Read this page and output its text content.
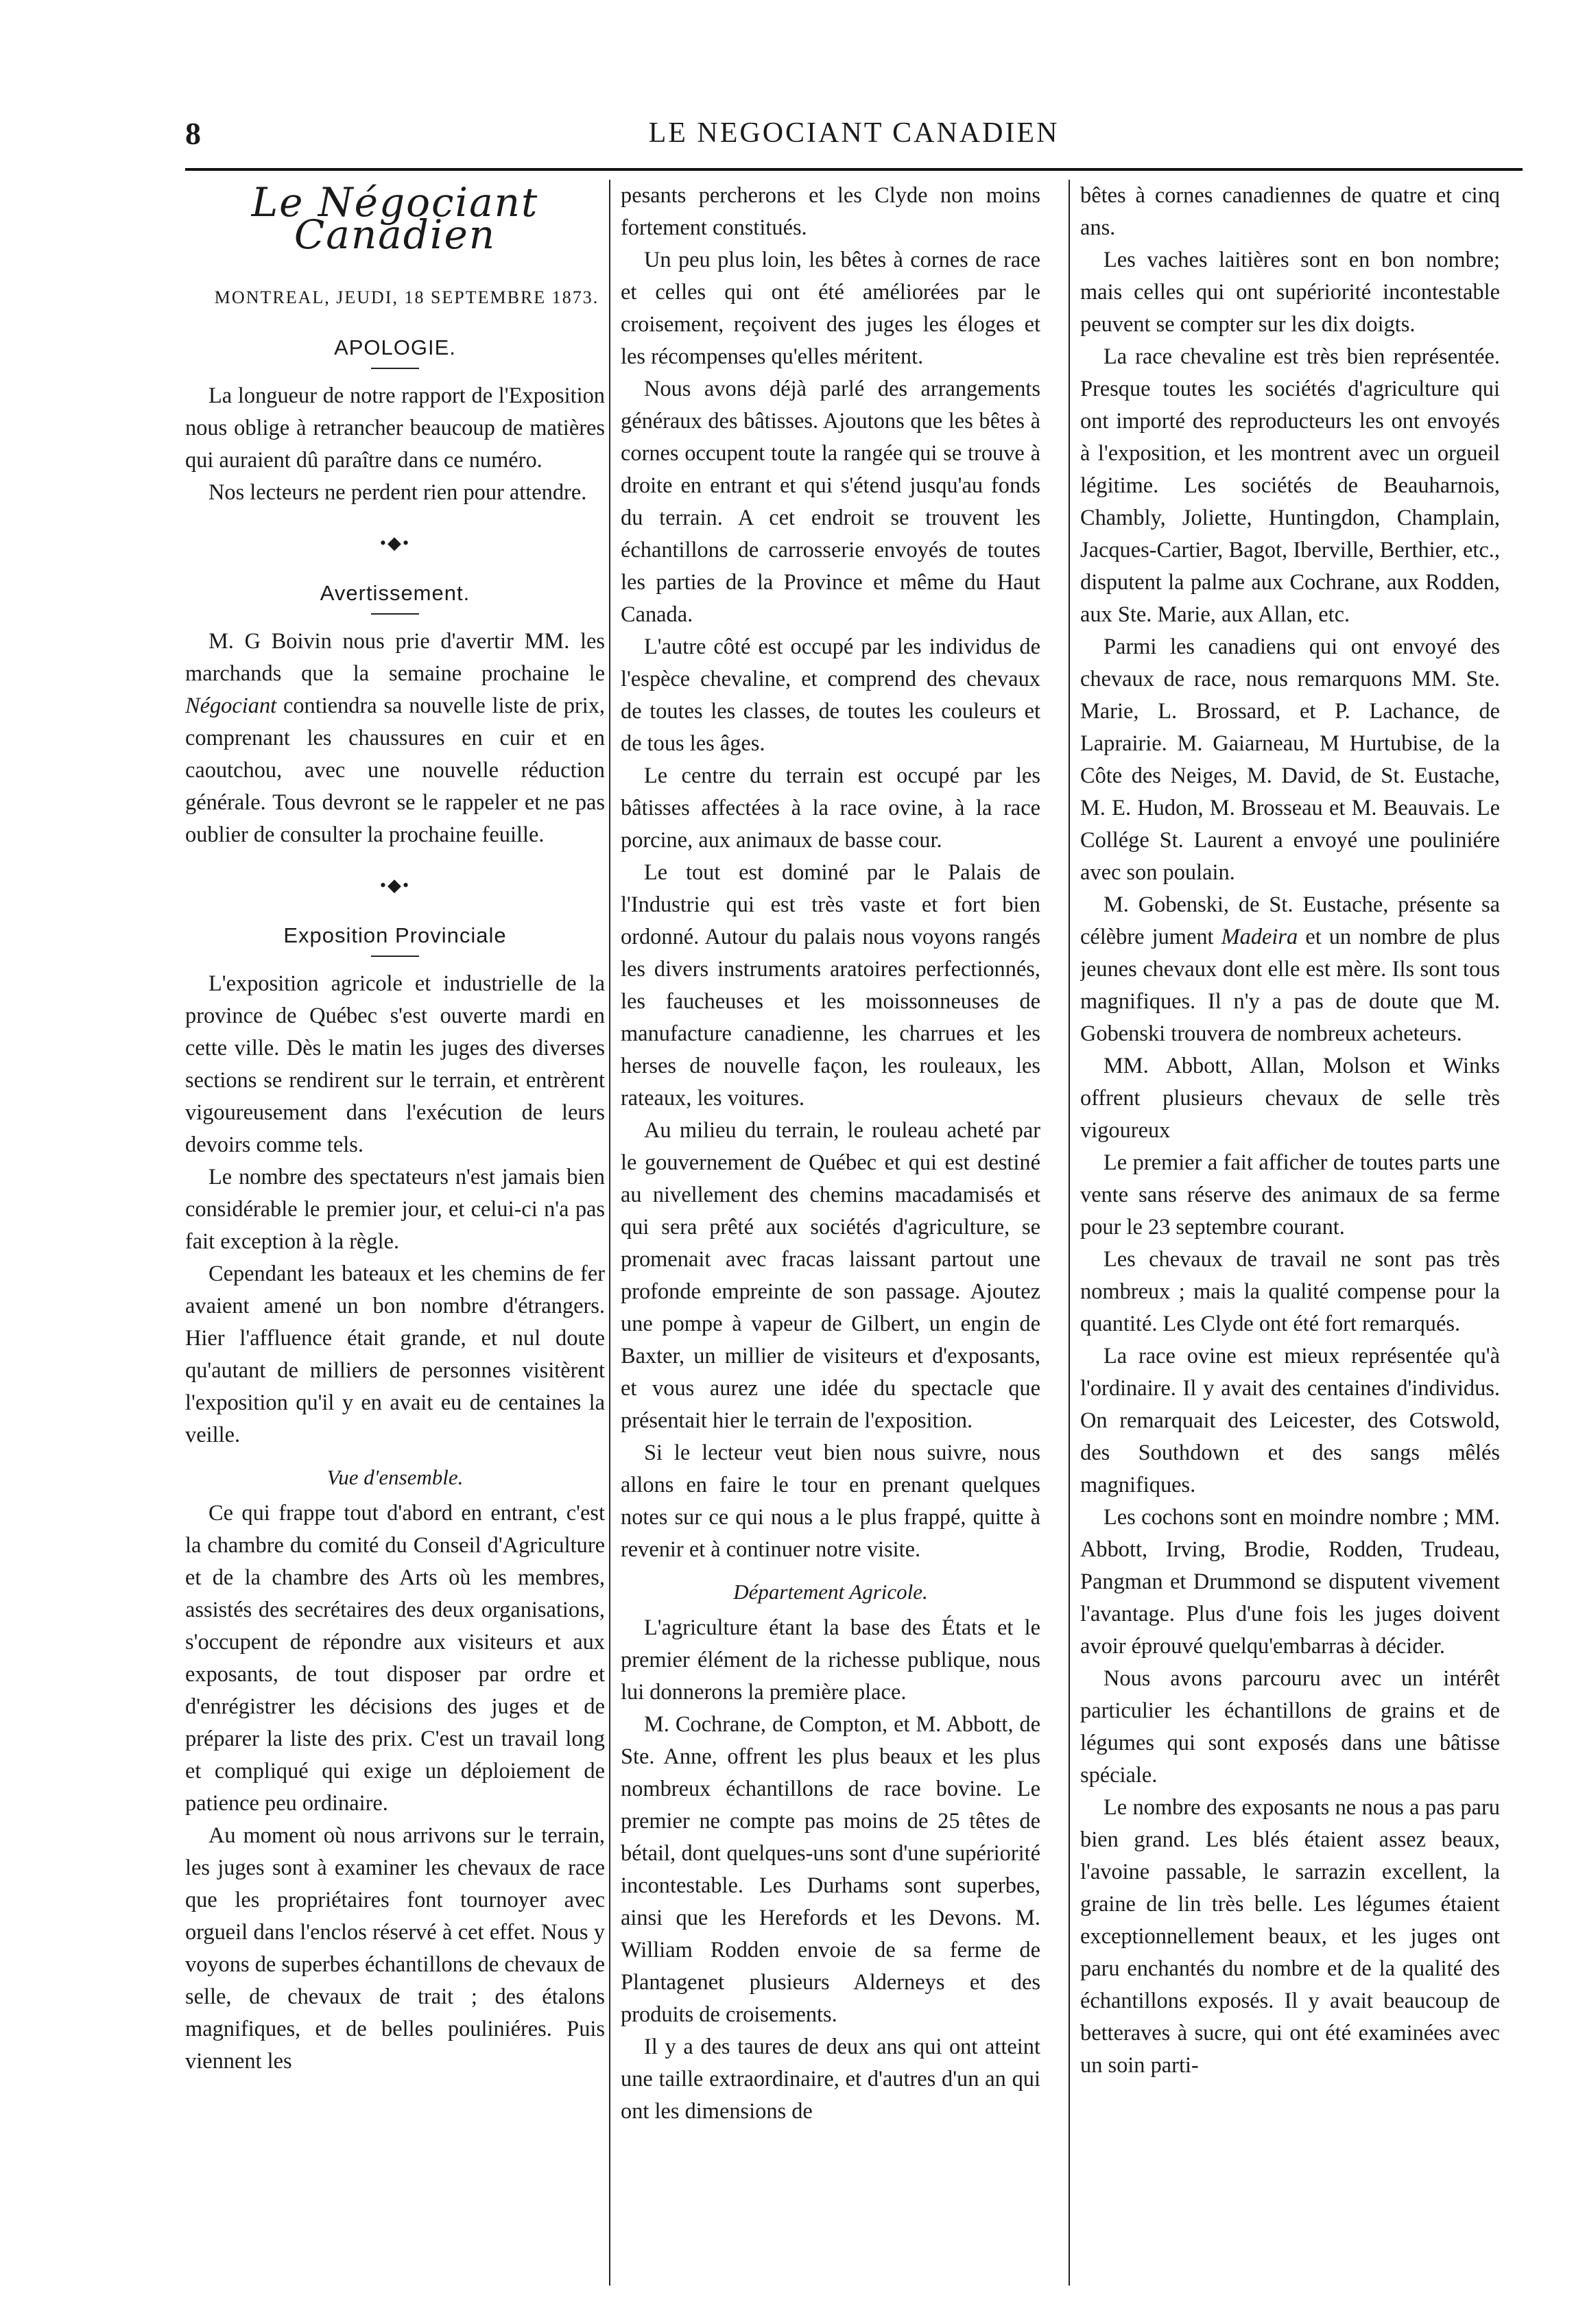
8	LE NEGOCIANT CANADIEN
Le Négociant Canadien

MONTREAL, JEUDI, 18 SEPTEMBRE 1873.

APOLOGIE.

La longueur de notre rapport de l'Exposition nous oblige à retrancher beaucoup de matières qui auraient dû paraître dans ce numéro.

Nos lecteurs ne perdent rien pour attendre.

•◆•
Avertissement.

M. G Boivin nous prie d'avertir MM. les marchands que la semaine prochaine le Négociant contiendra sa nouvelle liste de prix, comprenant les chaussures en cuir et en caoutchou, avec une nouvelle réduction générale. Tous devront se le rappeler et ne pas oublier de consulter la prochaine feuille.

•◆•
Exposition Provinciale

L'exposition agricole et industrielle de la province de Québec s'est ouverte mardi en cette ville. Dès le matin les juges des diverses sections se rendirent sur le terrain, et entrèrent vigoureusement dans l'exécution de leurs devoirs comme tels.

Le nombre des spectateurs n'est jamais bien considérable le premier jour, et celui-ci n'a pas fait exception à la règle.

Cependant les bateaux et les chemins de fer avaient amené un bon nombre d'étrangers. Hier l'affluence était grande, et nul doute qu'autant de milliers de personnes visitèrent l'exposition qu'il y en avait eu de centaines la veille.

Vue d'ensemble.

Ce qui frappe tout d'abord en entrant, c'est la chambre du comité du Conseil d'Agriculture et de la chambre des Arts où les membres, assistés des secrétaires des deux organisations, s'occupent de répondre aux visiteurs et aux exposants, de tout disposer par ordre et d'enrégistrer les décisions des juges et de préparer la liste des prix. C'est un travail long et compliqué qui exige un déploiement de patience peu ordinaire.

Au moment où nous arrivons sur le terrain, les juges sont à examiner les chevaux de race que les propriétaires font tournoyer avec orgueil dans l'enclos réservé à cet effet. Nous y voyons de superbes échantillons de chevaux de selle, de chevaux de trait ; des étalons magnifiques, et de belles pouliniéres. Puis viennent les

pesants percherons et les Clyde non moins fortement constitués.

Un peu plus loin, les bêtes à cornes de race et celles qui ont été améliorées par le croisement, reçoivent des juges les éloges et les récompenses qu'elles méritent.

Nous avons déjà parlé des arrangements généraux des bâtisses. Ajoutons que les bêtes à cornes occupent toute la rangée qui se trouve à droite en entrant et qui s'étend jusqu'au fonds du terrain. A cet endroit se trouvent les échantillons de carrosserie envoyés de toutes les parties de la Province et même du Haut Canada.

L'autre côté est occupé par les individus de l'espèce chevaline, et comprend des chevaux de toutes les classes, de toutes les couleurs et de tous les âges.

Le centre du terrain est occupé par les bâtisses affectées à la race ovine, à la race porcine, aux animaux de basse cour.

Le tout est dominé par le Palais de l'Industrie qui est très vaste et fort bien ordonné. Autour du palais nous voyons rangés les divers instruments aratoires perfectionnés, les faucheuses et les moissonneuses de manufacture canadienne, les charrues et les herses de nouvelle façon, les rouleaux, les rateaux, les voitures.

Au milieu du terrain, le rouleau acheté par le gouvernement de Québec et qui est destiné au nivellement des chemins macadamisés et qui sera prêté aux sociétés d'agriculture, se promenait avec fracas laissant partout une profonde empreinte de son passage. Ajoutez une pompe à vapeur de Gilbert, un engin de Baxter, un millier de visiteurs et d'exposants, et vous aurez une idée du spectacle que présentait hier le terrain de l'exposition.

Si le lecteur veut bien nous suivre, nous allons en faire le tour en prenant quelques notes sur ce qui nous a le plus frappé, quitte à revenir et à continuer notre visite.

Département Agricole.

L'agriculture étant la base des États et le premier élément de la richesse publique, nous lui donnerons la première place.

M. Cochrane, de Compton, et M. Abbott, de Ste. Anne, offrent les plus beaux et les plus nombreux échantillons de race bovine. Le premier ne compte pas moins de 25 têtes de bétail, dont quelques-uns sont d'une supériorité incontestable. Les Durhams sont superbes, ainsi que les Herefords et les Devons. M. William Rodden envoie de sa ferme de Plantagenet plusieurs Alderneys et des produits de croisements.

Il y a des taures de deux ans qui ont atteint une taille extraordinaire, et d'autres d'un an qui ont les dimensions de

bêtes à cornes canadiennes de quatre et cinq ans.

Les vaches laitières sont en bon nombre; mais celles qui ont supériorité incontestable peuvent se compter sur les dix doigts.

La race chevaline est très bien représentée. Presque toutes les sociétés d'agriculture qui ont importé des reproducteurs les ont envoyés à l'exposition, et les montrent avec un orgueil légitime. Les sociétés de Beauharnois, Chambly, Joliette, Huntingdon, Champlain, Jacques-Cartier, Bagot, Iberville, Berthier, etc., disputent la palme aux Cochrane, aux Rodden, aux Ste. Marie, aux Allan, etc.

Parmi les canadiens qui ont envoyé des chevaux de race, nous remarquons MM. Ste. Marie, L. Brossard, et P. Lachance, de Laprairie. M. Gaiarneau, M Hurtubise, de la Côte des Neiges, M. David, de St. Eustache, M. E. Hudon, M. Brosseau et M. Beauvais. Le Collége St. Laurent a envoyé une pouliniére avec son poulain.

M. Gobenski, de St. Eustache, présente sa célèbre jument Madeira et un nombre de plus jeunes chevaux dont elle est mère. Ils sont tous magnifiques. Il n'y a pas de doute que M. Gobenski trouvera de nombreux acheteurs.

MM. Abbott, Allan, Molson et Winks offrent plusieurs chevaux de selle très vigoureux

Le premier a fait afficher de toutes parts une vente sans réserve des animaux de sa ferme pour le 23 septembre courant.

Les chevaux de travail ne sont pas très nombreux ; mais la qualité compense pour la quantité. Les Clyde ont été fort remarqués.

La race ovine est mieux représentée qu'à l'ordinaire. Il y avait des centaines d'individus. On remarquait des Leicester, des Cotswold, des Southdown et des sangs mêlés magnifiques.

Les cochons sont en moindre nombre ; MM. Abbott, Irving, Brodie, Rodden, Trudeau, Pangman et Drummond se disputent vivement l'avantage. Plus d'une fois les juges doivent avoir éprouvé quelqu'embarras à décider.

Nous avons parcouru avec un intérêt particulier les échantillons de grains et de légumes qui sont exposés dans une bâtisse spéciale.

Le nombre des exposants ne nous a pas paru bien grand. Les blés étaient assez beaux, l'avoine passable, le sarrazin excellent, la graine de lin très belle. Les légumes étaient exceptionnellement beaux, et les juges ont paru enchantés du nombre et de la qualité des échantillons exposés. Il y avait beaucoup de betteraves à sucre, qui ont été examinées avec un soin parti-
